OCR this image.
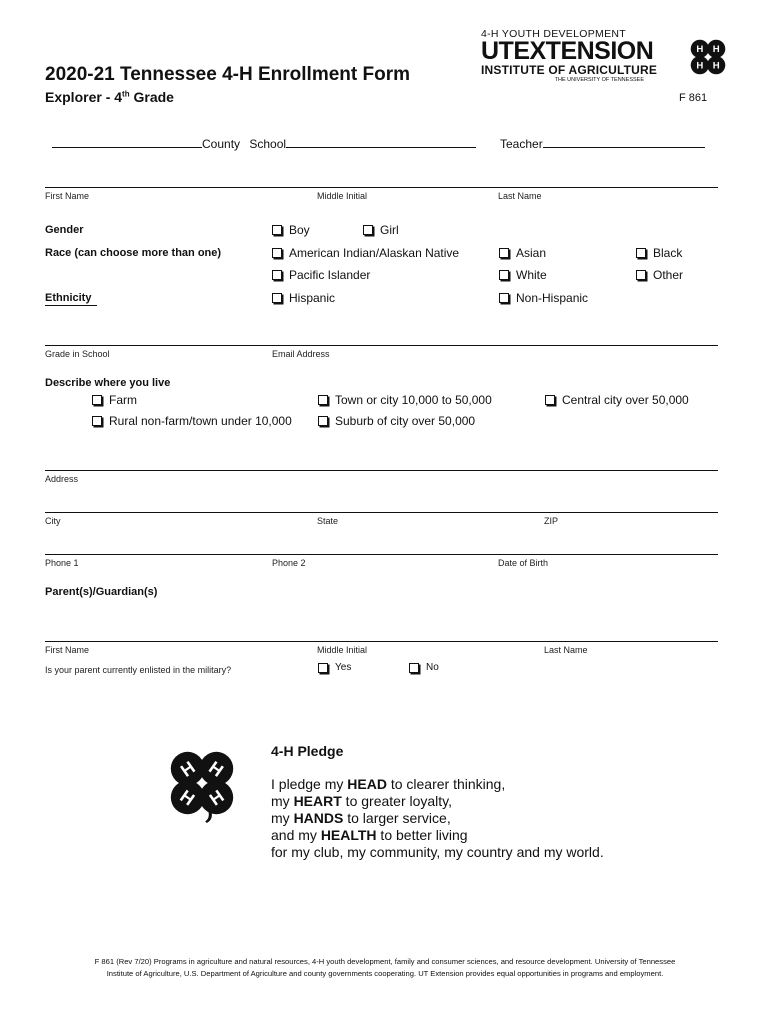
2020-21 Tennessee 4-H Enrollment Form
Explorer - 4th Grade	F 861
4-H YOUTH DEVELOPMENT
UTEXTENSION
INSTITUTE OF AGRICULTURE
THE UNIVERSITY OF TENNESSEE
H H
H H
County School	Teacher
First Name	Middle Initial	Last Name
Gender	Boy	Girl
Race (can choose more than one)	American Indian/Alaskan Native	Asian	Black
Pacific Islander	White	Other
Ethnicity	Hispanic	Non-Hispanic
Grade in School	Email Address
Describe where you live
Farm	Town or city 10,000 to 50,000	Central city over 50,000
Rural non-farm/town under 10,000	Suburb of city over 50,000
Address
City	State	ZIP
Phone 1	Phone 2	Date of Birth
Parent(s)/Guardian(s)
First Name	Middle Initial	Last Name
Is your parent currently enlisted in the military?	Yes	No
H H
H H
4-H Pledge
I pledge my HEAD to clearer thinking,
my HEART to greater loyalty,
my HANDS to larger service,
and my HEALTH to better living
for my club, my community, my country and my world.
F 861 (Rev 7/20) Programs in agriculture and natural resources, 4-H youth development, family and consumer sciences, and resource development. University of Tennessee
Institute of Agriculture, U.S. Department of Agriculture and county governments cooperating. UT Extension provides equal opportunities in programs and employment.
